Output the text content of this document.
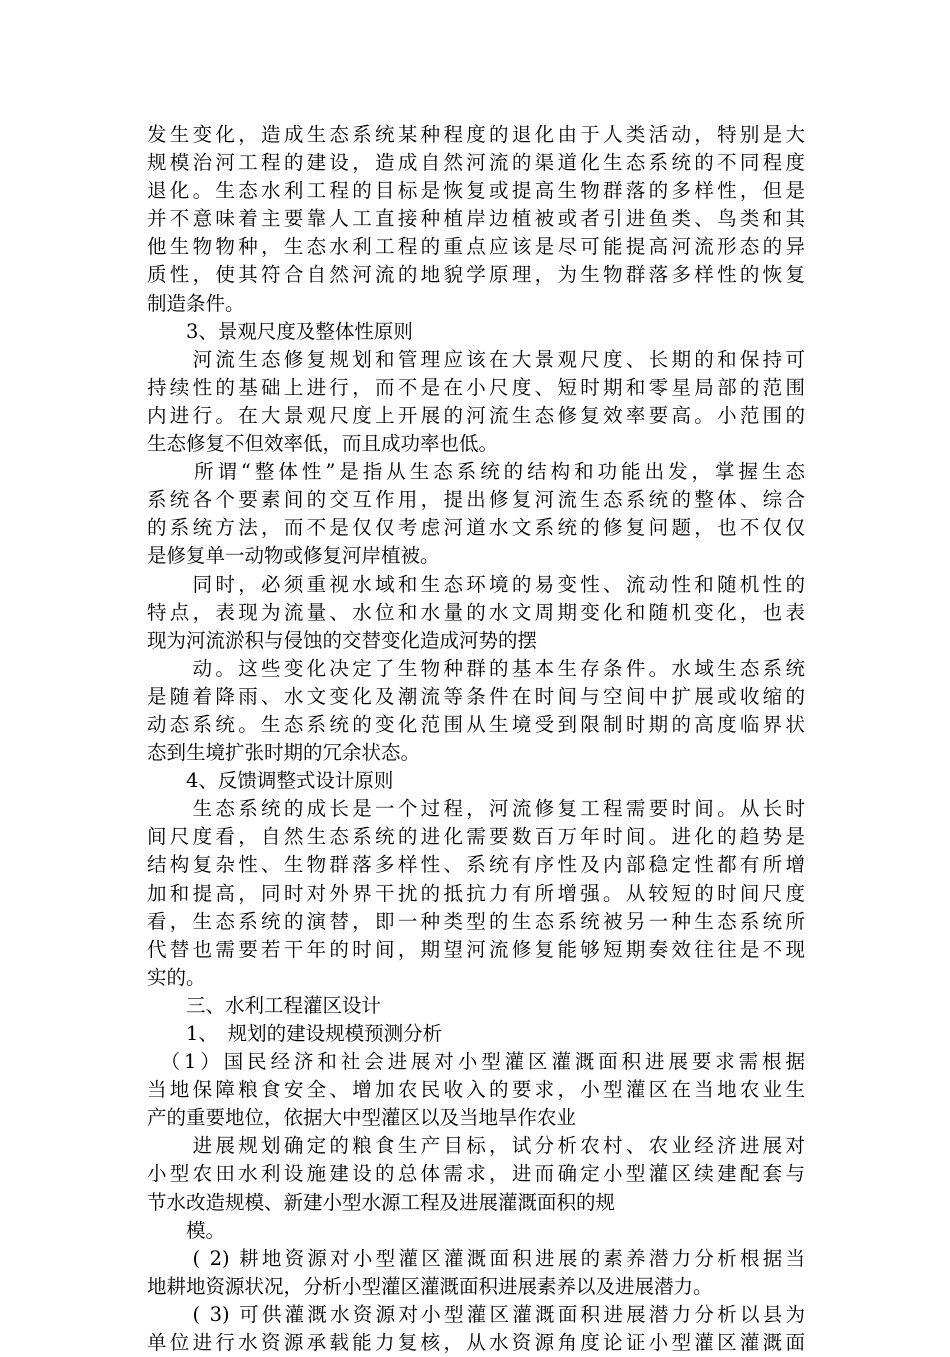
发生变化，造成生态系统某种程度的退化由于人类活动，特别是大
规模治河工程的建设，造成自然河流的渠道化生态系统的不同程度
退化。生态水利工程的目标是恢复或提高生物群落的多样性，但是
并不意味着主要靠人工直接种植岸边植被或者引进鱼类、鸟类和其
他生物物种，生态水利工程的重点应该是尽可能提高河流形态的异
质性，使其符合自然河流的地貌学原理，为生物群落多样性的恢复
制造条件。
　　3、景观尺度及整体性原则
　　河流生态修复规划和管理应该在大景观尺度、长期的和保持可
持续性的基础上进行，而不是在小尺度、短时期和零星局部的范围
内进行。在大景观尺度上开展的河流生态修复效率要高。小范围的
生态修复不但效率低，而且成功率也低。
　　所谓“整体性”是指从生态系统的结构和功能出发，掌握生态
系统各个要素间的交互作用，提出修复河流生态系统的整体、综合
的系统方法，而不是仅仅考虑河道水文系统的修复问题，也不仅仅
是修复单一动物或修复河岸植被。
　　同时，必须重视水域和生态环境的易变性、流动性和随机性的
特点，表现为流量、水位和水量的水文周期变化和随机变化，也表
现为河流淤积与侵蚀的交替变化造成河势的摆
　　动。这些变化决定了生物种群的基本生存条件。水域生态系统
是随着降雨、水文变化及潮流等条件在时间与空间中扩展或收缩的
动态系统。生态系统的变化范围从生境受到限制时期的高度临界状
态到生境扩张时期的冗余状态。
　　4、反馈调整式设计原则
　　生态系统的成长是一个过程，河流修复工程需要时间。从长时
间尺度看，自然生态系统的进化需要数百万年时间。进化的趋势是
结构复杂性、生物群落多样性、系统有序性及内部稳定性都有所增
加和提高，同时对外界干扰的抵抗力有所增强。从较短的时间尺度
看，生态系统的演替，即一种类型的生态系统被另一种生态系统所
代替也需要若干年的时间，期望河流修复能够短期奏效往往是不现
实的。
　　三、水利工程灌区设计
　　1、　规划的建设规模预测分析
　（1）国民经济和社会进展对小型灌区灌溉面积进展要求需根据
当地保障粮食安全、增加农民收入的要求，小型灌区在当地农业生
产的重要地位，依据大中型灌区以及当地旱作农业
　　进展规划确定的粮食生产目标，试分析农村、农业经济进展对
小型农田水利设施建设的总体需求，进而确定小型灌区续建配套与
节水改造规模、新建小型水源工程及进展灌溉面积的规
　　模。
　　( 2) 耕地资源对小型灌区灌溉面积进展的素养潜力分析根据当
地耕地资源状况，分析小型灌区灌溉面积进展素养以及进展潜力。
　　( 3) 可供灌溉水资源对小型灌区灌溉面积进展潜力分析以县为
单位进行水资源承载能力复核，从水资源角度论证小型灌区灌溉面
